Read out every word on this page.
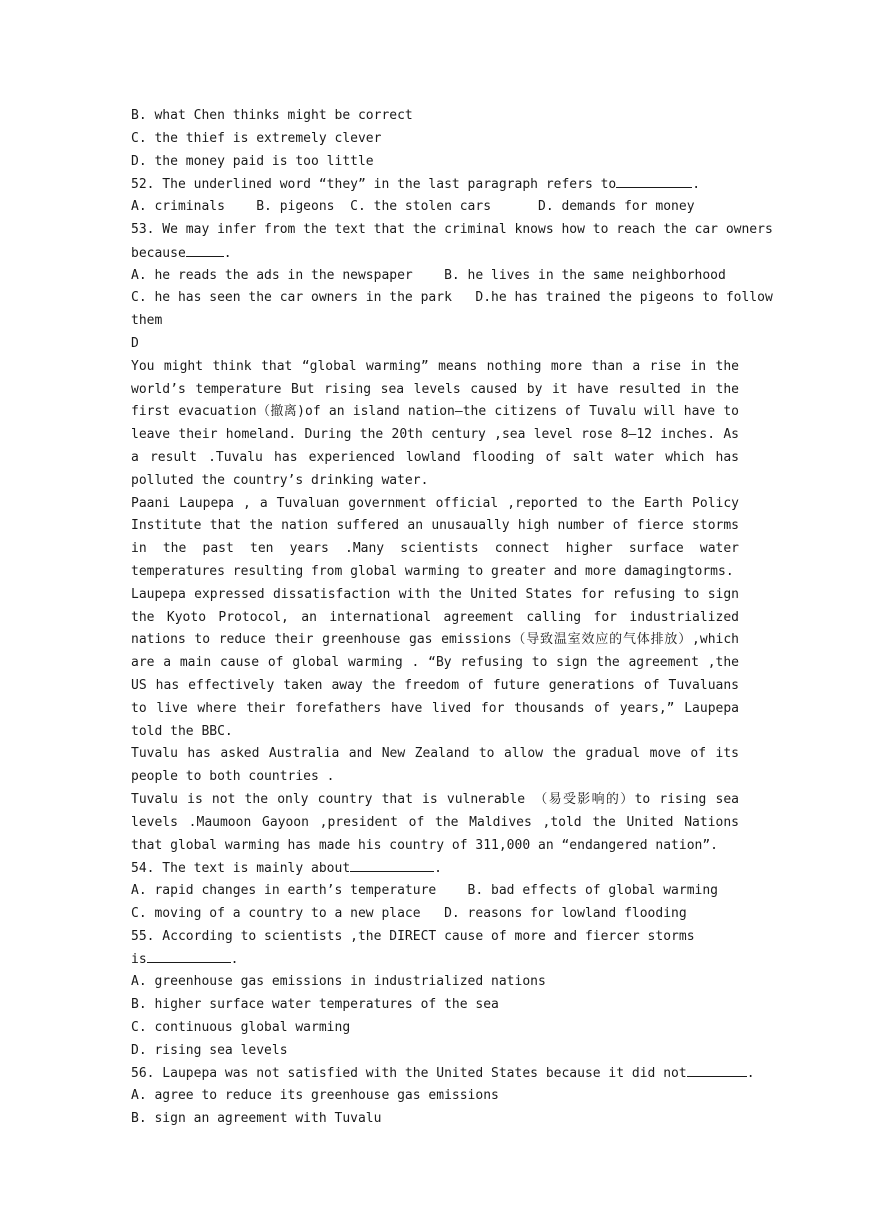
B. what Chen thinks might be correct
C. the thief is extremely clever
D. the money paid is too little
52. The underlined word “they” in the last paragraph refers to	.
A. criminals    B. pigeons  C. the stolen cars      D. demands for money
53. We may infer from the text that the criminal knows how to reach the car owners
because	.
A. he reads the ads in the newspaper    B. he lives in the same neighborhood
C. he has seen the car owners in the park   D.he has trained the pigeons to follow
them
D
You might think that “global warming” means nothing more than a rise in the world’s temperature But rising sea levels caused by it have resulted in the first evacuation（撤离)of an island nation—the citizens of Tuvalu will have to leave their homeland. During the 20th century ,sea level rose 8—12 inches. As a result .Tuvalu has experienced lowland flooding of salt water which has polluted the country’s drinking water.
Paani Laupepa , a Tuvaluan government official ,reported to the Earth Policy Institute that the nation suffered an unusaually high number of fierce storms in the past ten years .Many scientists connect higher surface water temperatures resulting from global warming to greater and more damagingtorms.
Laupepa expressed dissatisfaction with the United States for refusing to sign the Kyoto Protocol, an international agreement calling for industrialized nations to reduce their greenhouse gas emissions（导致温室效应的气体排放）,which are a main cause of global warming . “By refusing to sign the agreement ,the US has effectively taken away the freedom of future generations of Tuvaluans to live where their forefathers have lived for thousands of years,” Laupepa told the BBC.
Tuvalu has asked Australia and New Zealand to allow the gradual move of its people to both countries .
Tuvalu is not the only country that is vulnerable （易受影响的）to rising sea levels .Maumoon Gayoon ,president of the Maldives ,told the United Nations that global warming has made his country of 311,000 an “endangered nation”.
54. The text is mainly about	.
A. rapid changes in earth’s temperature    B. bad effects of global warming
C. moving of a country to a new place   D. reasons for lowland flooding
55. According to scientists ,the DIRECT cause of more and fiercer storms
is	.
A. greenhouse gas emissions in industrialized nations
B. higher surface water temperatures of the sea
C. continuous global warming
D. rising sea levels
56. Laupepa was not satisfied with the United States because it did not	.
A. agree to reduce its greenhouse gas emissions
B. sign an agreement with Tuvalu
